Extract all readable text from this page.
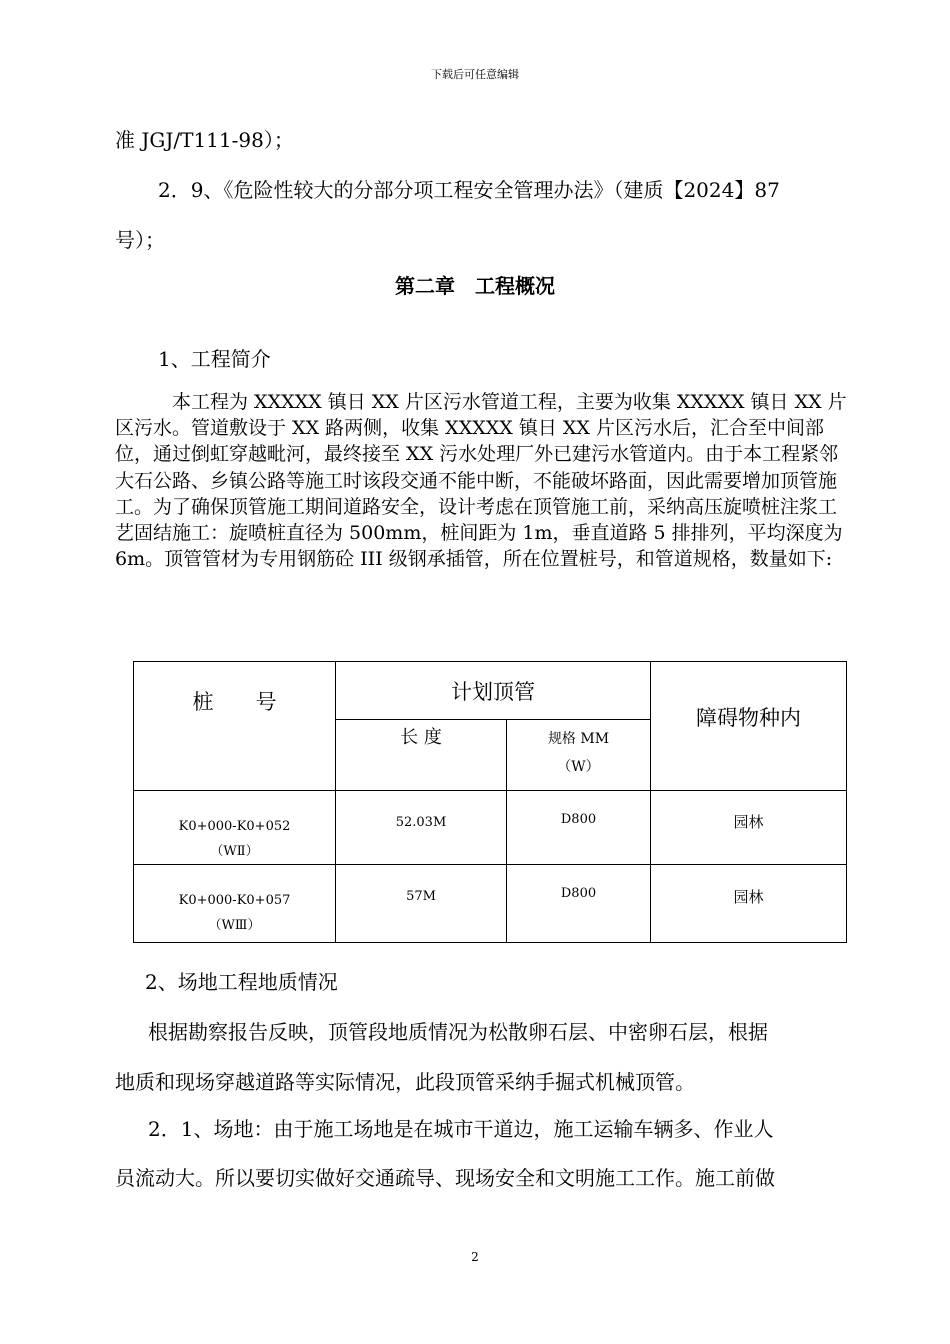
下载后可任意编辑
准 JGJ/T111-98）；
2．9、《危险性较大的分部分项工程安全管理办法》（建质【2024】87
号）；
第二章　工程概况
1、工程简介
本工程为 XXXXX 镇日 XX 片区污水管道工程，主要为收集 XXXXX 镇日 XX 片区污水。管道敷设于 XX 路两侧，收集 XXXXX 镇日 XX 片区污水后，汇合至中间部位，通过倒虹穿越毗河，最终接至 XX 污水处理厂外已建污水管道内。由于本工程紧邻大石公路、乡镇公路等施工时该段交通不能中断，不能破坏路面，因此需要增加顶管施工。为了确保顶管施工期间道路安全，设计考虑在顶管施工前，采纳高压旋喷桩注浆工艺固结施工：旋喷桩直径为 500mm，桩间距为 1m，垂直道路 5 排排列，平均深度为 6m。顶管管材为专用钢筋砼 III 级钢承插管，所在位置桩号，和管道规格，数量如下:
桩　　号	计划顶管		障碍物种内
	长 度	规格 MM
（W）	

K0+000-K0+052
（WⅡ）	52.03M	D800	园林

K0+000-K0+057
（WⅢ）	57M	D800	园林
2、场地工程地质情况
根据勘察报告反映，顶管段地质情况为松散卵石层、中密卵石层，根据
地质和现场穿越道路等实际情况，此段顶管采纳手掘式机械顶管。
2．1、场地：由于施工场地是在城市干道边，施工运输车辆多、作业人
员流动大。所以要切实做好交通疏导、现场安全和文明施工工作。施工前做
2
